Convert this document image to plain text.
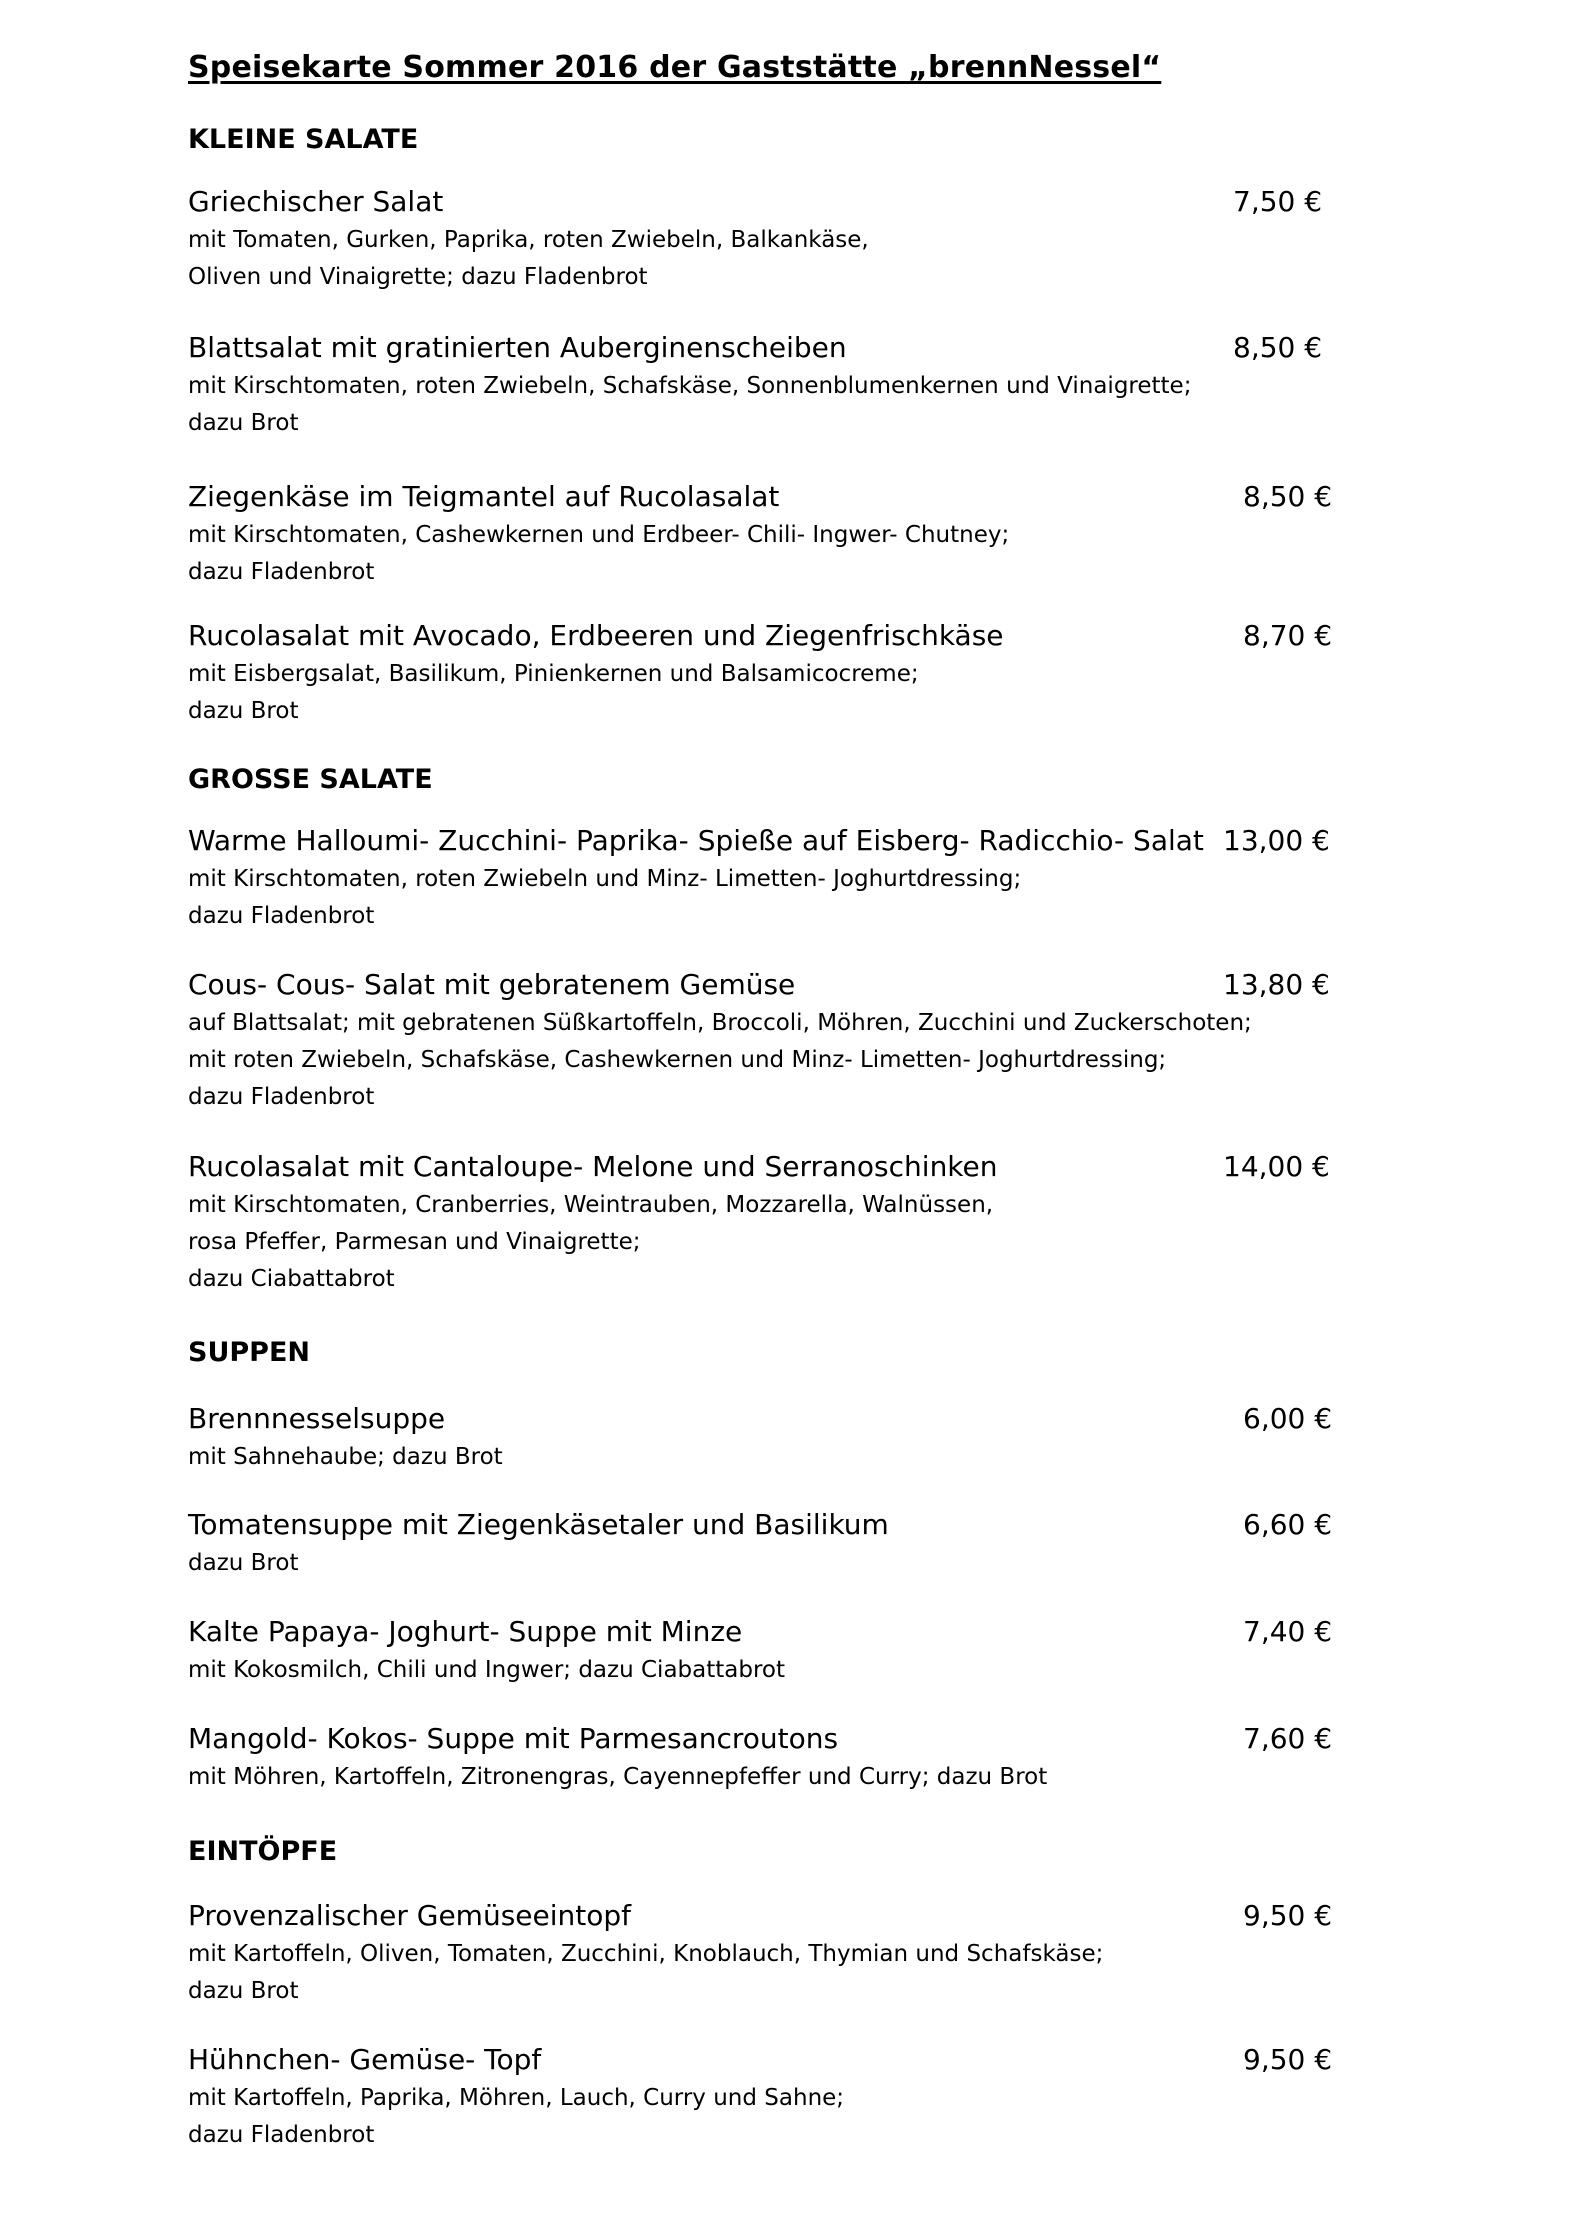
Speisekarte Sommer 2016 der Gaststätte „brennNessel“
KLEINE SALATE
Griechischer Salat	7,50 €
mit Tomaten, Gurken, Paprika, roten Zwiebeln, Balkankäse,
Oliven und Vinaigrette; dazu Fladenbrot
Blattsalat mit gratinierten Auberginenscheiben	8,50 €
mit Kirschtomaten, roten Zwiebeln, Schafskäse, Sonnenblumenkernen und Vinaigrette;
dazu Brot
Ziegenkäse im Teigmantel auf Rucolasalat	8,50 €
mit Kirschtomaten, Cashewkernen und Erdbeer- Chili- Ingwer- Chutney;
dazu Fladenbrot
Rucolasalat mit Avocado, Erdbeeren und Ziegenfrischkäse	8,70 €
mit Eisbergsalat, Basilikum, Pinienkernen und Balsamicocreme;
dazu Brot
GROSSE SALATE
Warme Halloumi- Zucchini- Paprika- Spieße auf Eisberg- Radicchio- Salat 13,00 €
mit Kirschtomaten, roten Zwiebeln und Minz- Limetten- Joghurtdressing;
dazu Fladenbrot
Cous- Cous- Salat mit gebratenem Gemüse	13,80 €
auf Blattsalat; mit gebratenen Süßkartoffeln, Broccoli, Möhren, Zucchini und Zuckerschoten;
mit roten Zwiebeln, Schafskäse, Cashewkernen und Minz- Limetten- Joghurtdressing;
dazu Fladenbrot
Rucolasalat mit Cantaloupe- Melone und Serranoschinken	14,00 €
mit Kirschtomaten, Cranberries, Weintrauben, Mozzarella, Walnüssen,
rosa Pfeffer, Parmesan und Vinaigrette;
dazu Ciabattabrot
SUPPEN
Brennnesselsuppe	6,00 €
mit Sahnehaube; dazu Brot
Tomatensuppe mit Ziegenkäsetaler und Basilikum	6,60 €
dazu Brot
Kalte Papaya- Joghurt- Suppe mit Minze	7,40 €
mit Kokosmilch, Chili und Ingwer; dazu Ciabattabrot
Mangold- Kokos- Suppe mit Parmesancroutons	7,60 €
mit Möhren, Kartoffeln, Zitronengras, Cayennepfeffer und Curry; dazu Brot
EINTÖPFE
Provenzalischer Gemüseeintopf	9,50 €
mit Kartoffeln, Oliven, Tomaten, Zucchini, Knoblauch, Thymian und Schafskäse;
dazu Brot
Hühnchen- Gemüse- Topf	9,50 €
mit Kartoffeln, Paprika, Möhren, Lauch, Curry und Sahne;
dazu Fladenbrot
